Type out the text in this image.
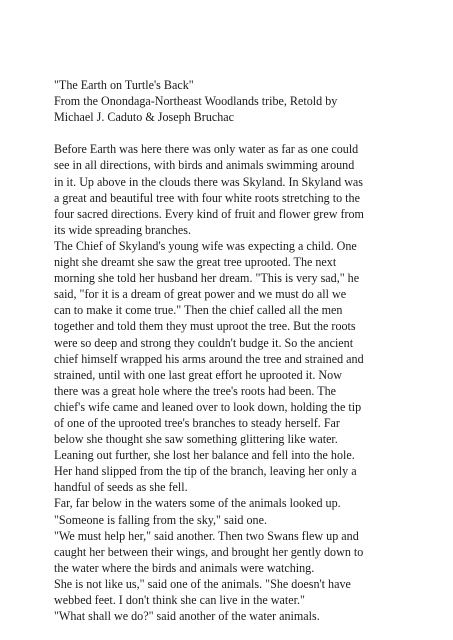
"The Earth on Turtle's Back"
From the Onondaga-Northeast Woodlands tribe, Retold by
Michael J. Caduto & Joseph Bruchac
Before Earth was here there was only water as far as one could
see in all directions, with birds and animals swimming around
in it. Up above in the clouds there was Skyland. In Skyland was
a great and beautiful tree with four white roots stretching to the
four sacred directions. Every kind of fruit and flower grew from
its wide spreading branches.
The Chief of Skyland's young wife was expecting a child. One
night she dreamt she saw the great tree uprooted. The next
morning she told her husband her dream. "This is very sad," he
said, "for it is a dream of great power and we must do all we
can to make it come true." Then the chief called all the men
together and told them they must uproot the tree. But the roots
were so deep and strong they couldn't budge it. So the ancient
chief himself wrapped his arms around the tree and strained and
strained, until with one last great effort he uprooted it. Now
there was a great hole where the tree's roots had been. The
chief's wife came and leaned over to look down, holding the tip
of one of the uprooted tree's branches to steady herself. Far
below she thought she saw something glittering like water.
Leaning out further, she lost her balance and fell into the hole.
Her hand slipped from the tip of the branch, leaving her only a
handful of seeds as she fell.
Far, far below in the waters some of the animals looked up.
"Someone is falling from the sky," said one.
"We must help her," said another. Then two Swans flew up and
caught her between their wings, and brought her gently down to
the water where the birds and animals were watching.
She is not like us," said one of the animals. "She doesn't have
webbed feet. I don't think she can live in the water."
"What shall we do?" said another of the water animals.
